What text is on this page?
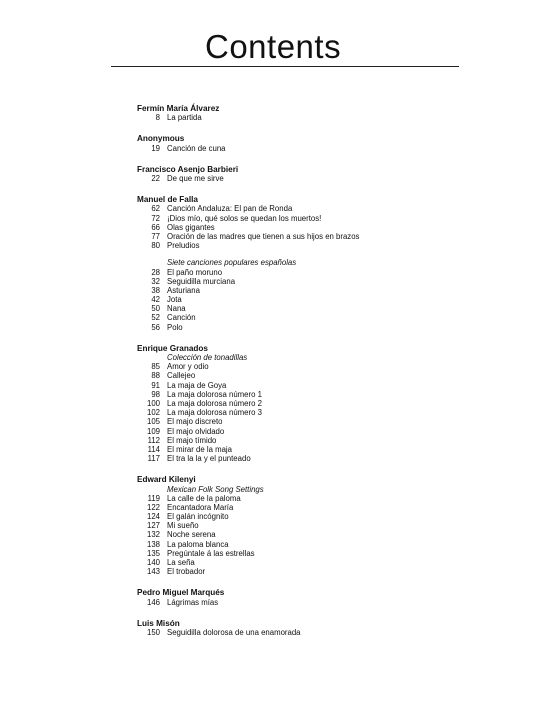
Contents
Fermín María Álvarez
8 La partida
Anonymous
19 Canción de cuna
Francisco Asenjo Barbieri
22 De que me sirve
Manuel de Falla
62 Canción Andaluza: El pan de Ronda
72 ¡Dios mío, qué solos se quedan los muertos!
66 Olas gigantes
77 Oración de las madres que tienen a sus hijos en brazos
80 Preludios
Siete canciones populares españolas
28 El paño moruno
32 Seguidilla murciana
38 Asturiana
42 Jota
50 Nana
52 Canción
56 Polo
Enrique Granados
Colección de tonadillas
85 Amor y odio
88 Callejeo
91 La maja de Goya
98 La maja dolorosa número 1
100 La maja dolorosa número 2
102 La maja dolorosa número 3
105 El majo discreto
109 El majo olvidado
112 El majo tímido
114 El mirar de la maja
117 El tra la la y el punteado
Edward Kilenyi
Mexican Folk Song Settings
119 La calle de la paloma
122 Encantadora María
124 El galán incógnito
127 Mi sueño
132 Noche serena
138 La paloma blanca
135 Pregúntale á las estrellas
140 La seña
143 El trobador
Pedro Miguel Marqués
146 Lágrimas mías
Luis Misón
150 Seguidilla dolorosa de una enamorada
